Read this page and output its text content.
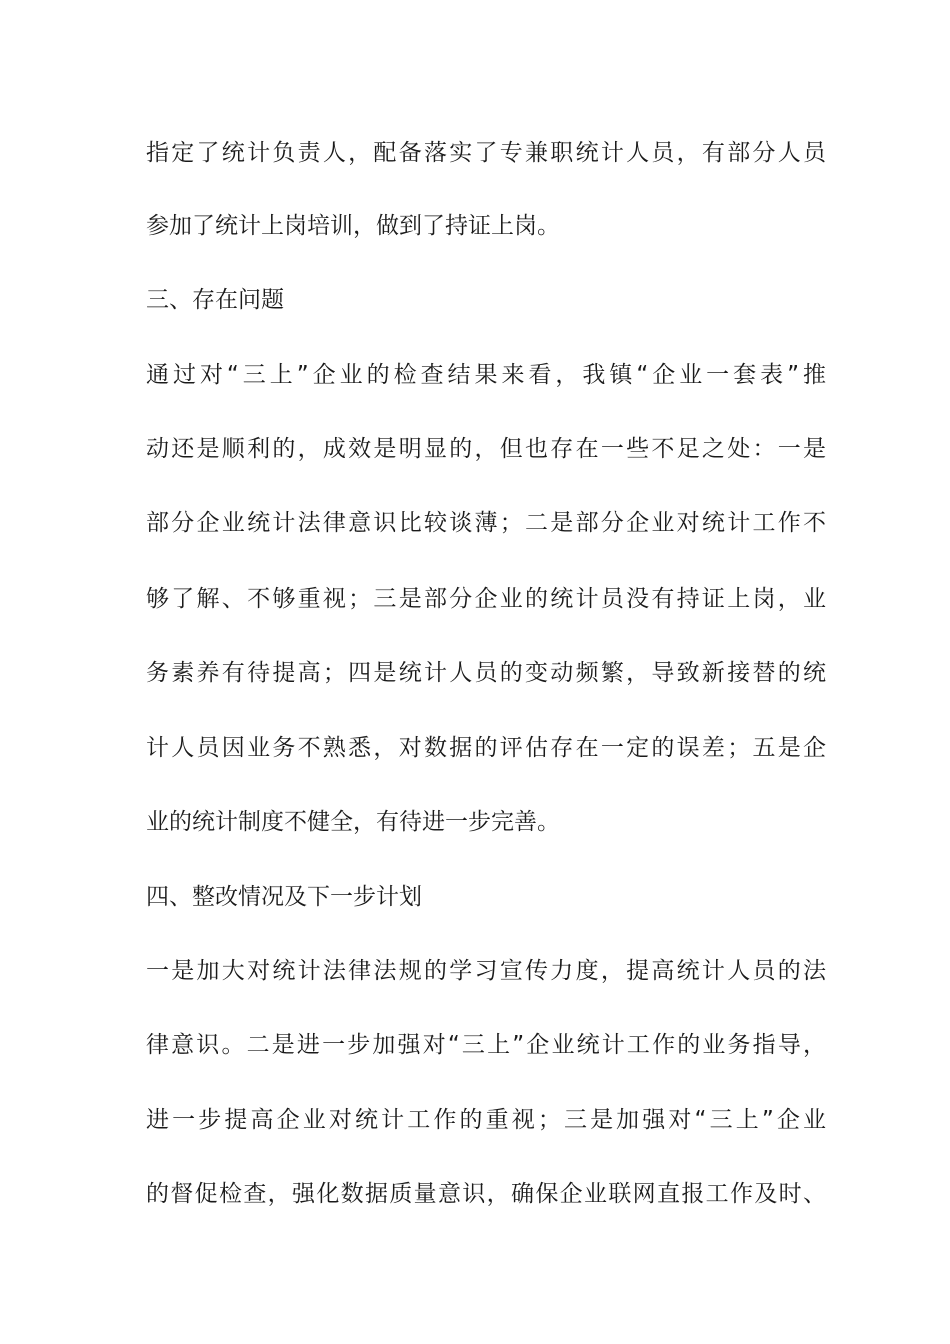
指定了统计负责人，配备落实了专兼职统计人员，有部分人员
参加了统计上岗培训，做到了持证上岗。
三、存在问题
通过对“三上”企业的检查结果来看，我镇“企业一套表”推
动还是顺利的，成效是明显的，但也存在一些不足之处：一是
部分企业统计法律意识比较谈薄；二是部分企业对统计工作不
够了解、不够重视；三是部分企业的统计员没有持证上岗，业
务素养有待提高；四是统计人员的变动频繁，导致新接替的统
计人员因业务不熟悉，对数据的评估存在一定的误差；五是企
业的统计制度不健全，有待进一步完善。
四、整改情况及下一步计划
一是加大对统计法律法规的学习宣传力度，提高统计人员的法
律意识。二是进一步加强对“三上”企业统计工作的业务指导，
进一步提高企业对统计工作的重视；三是加强对“三上”企业
的督促检查，强化数据质量意识，确保企业联网直报工作及时、
